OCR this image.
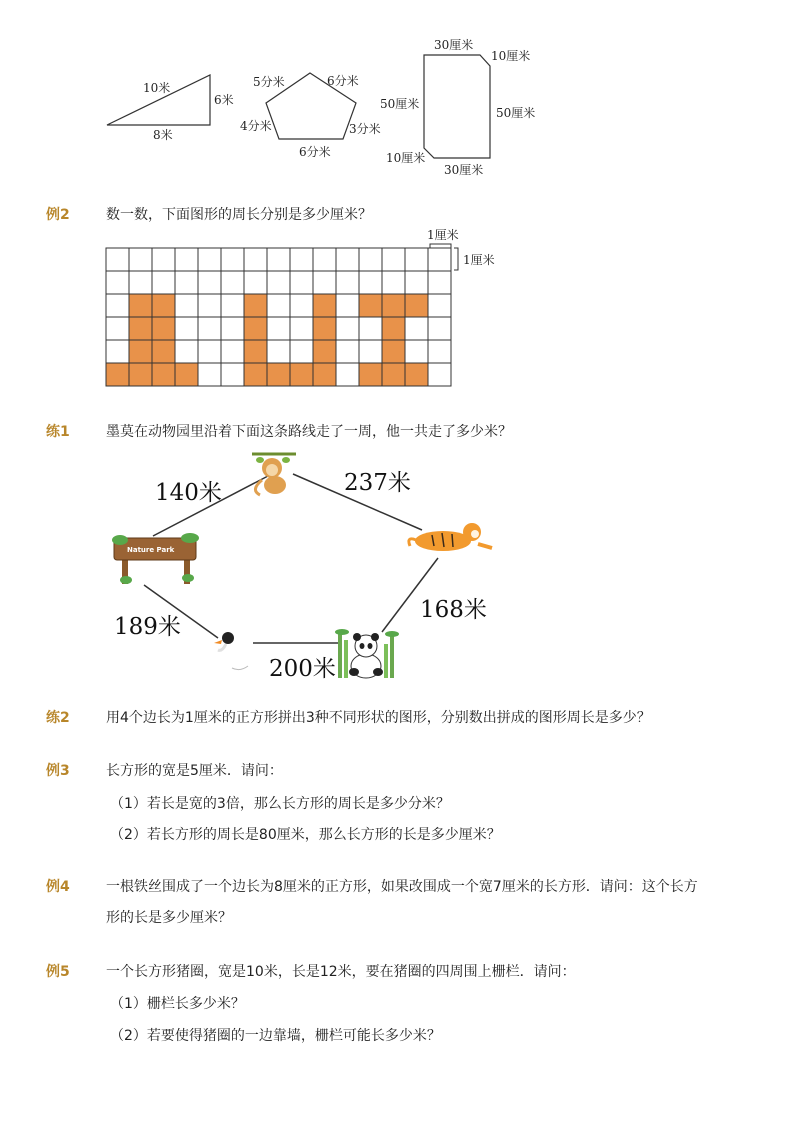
10米
6米
8米
5分米	6分米
4分米	3分米
6分米
30厘米
10厘米
50厘米
50厘米
10厘米
30厘米
例2	数一数，下面图形的周长分别是多少厘米？
1厘米
1厘米
练1	墨莫在动物园里沿着下面这条路线走了一周，他一共走了多少米？
140米	237米
168米
200米
189米
Nature Park
练2	用4个边长为1厘米的正方形拼出3种不同形状的图形，分别数出拼成的图形周长是多少？
例3	长方形的宽是5厘米．请问：
（1）若长是宽的3倍，那么长方形的周长是多少分米？
（2）若长方形的周长是80厘米，那么长方形的长是多少厘米？
例4	一根铁丝围成了一个边长为8厘米的正方形，如果改围成一个宽7厘米的长方形．请问：这个长方
形的长是多少厘米？
例5	一个长方形猪圈，宽是10米，长是12米，要在猪圈的四周围上栅栏．请问：
（1）栅栏长多少米？
（2）若要使得猪圈的一边靠墙，栅栏可能长多少米？
